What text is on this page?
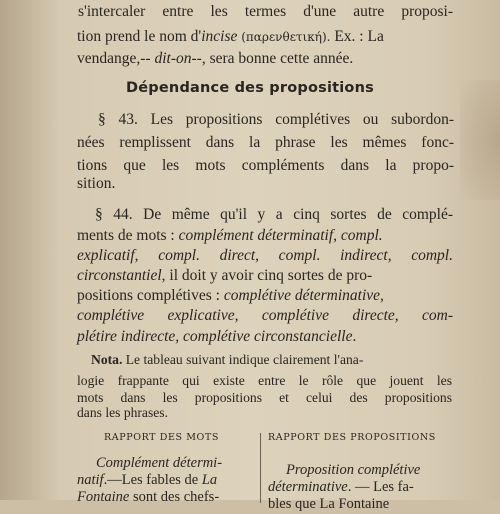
s'intercaler entre les termes d'une autre proposi-
tion prend le nom d'incise (παρενθετική). Ex. : La
vendange,-- dit-on--, sera bonne cette année.
Dépendance des propositions
§ 43. Les propositions complétives ou subordon-
nées remplissent dans la phrase les mêmes fonc-
tions que les mots compléments dans la propo-
sition.
§ 44. De même qu'il y a cinq sortes de complé-
ments de mots : complément déterminatif, compl.
explicatif, compl. direct, compl. indirect, compl.
circonstantiel, il doit y avoir cinq sortes de pro-
positions complétives : complétive déterminative,
complétive explicative, complétive directe, com-
plétire indirecte, complétive circonstancielle.
Nota. Le tableau suivant indique clairement l'ana-
logie frappante qui existe entre le rôle que jouent les
mots dans les propositions et celui des propositions
dans les phrases.
RAPPORT DES MOTS	RAPPORT DES PROPOSITIONS
Complément détermi-
natif.—Les fables de La
Fontaine sont des chefs-
Proposition complétive
déterminative. — Les fa-
bles que La Fontaine
